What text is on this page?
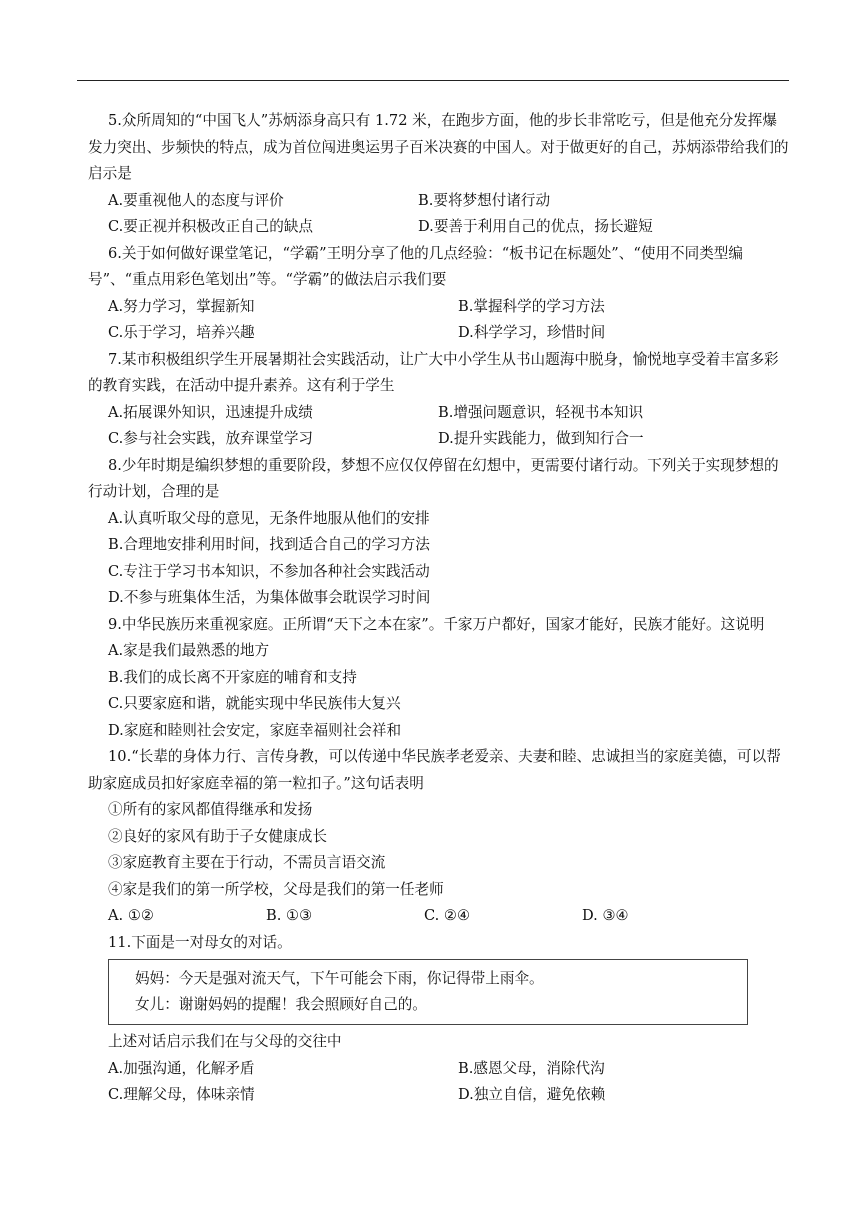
5.众所周知的“中国飞人”苏炳添身高只有 1.72 米，在跑步方面，他的步长非常吃亏，但是他充分发挥爆发力突出、步频快的特点，成为首位闯进奥运男子百米决赛的中国人。对于做更好的自己，苏炳添带给我们的启示是

A.要重视他人的态度与评价	B.要将梦想付诸行动
C.要正视并积极改正自己的缺点	D.要善于利用自己的优点，扬长避短

6.关于如何做好课堂笔记，“学霸”王明分享了他的几点经验：“板书记在标题处”、“使用不同类型编号”、“重点用彩色笔划出”等。“学霸”的做法启示我们要

A.努力学习，掌握新知	B.掌握科学的学习方法
C.乐于学习，培养兴趣	D.科学学习，珍惜时间

7.某市积极组织学生开展暑期社会实践活动，让广大中小学生从书山题海中脱身，愉悦地享受着丰富多彩的教育实践，在活动中提升素养。这有利于学生

A.拓展课外知识，迅速提升成绩	B.增强问题意识，轻视书本知识
C.参与社会实践，放弃课堂学习	D.提升实践能力，做到知行合一

8.少年时期是编织梦想的重要阶段，梦想不应仅仅停留在幻想中，更需要付诸行动。下列关于实现梦想的行动计划，合理的是

A.认真听取父母的意见，无条件地服从他们的安排

B.合理地安排利用时间，找到适合自己的学习方法

C.专注于学习书本知识，不参加各种社会实践活动

D.不参与班集体生活，为集体做事会耽误学习时间

9.中华民族历来重视家庭。正所谓“天下之本在家”。千家万户都好，国家才能好，民族才能好。这说明

A.家是我们最熟悉的地方

B.我们的成长离不开家庭的哺育和支持

C.只要家庭和谐，就能实现中华民族伟大复兴

D.家庭和睦则社会安定，家庭幸福则社会祥和

10.“长辈的身体力行、言传身教，可以传递中华民族孝老爱亲、夫妻和睦、忠诚担当的家庭美德，可以帮助家庭成员扣好家庭幸福的第一粒扣子。”这句话表明

①所有的家风都值得继承和发扬

②良好的家风有助于子女健康成长

③家庭教育主要在于行动，不需员言语交流

④家是我们的第一所学校，父母是我们的第一任老师

A. ①②	B. ①③	C. ②④	D. ③④

11.下面是一对母女的对话。

妈妈：今天是强对流天气，下午可能会下雨，你记得带上雨伞。
女儿：谢谢妈妈的提醒！我会照顾好自己的。

上述对话启示我们在与父母的交往中

A.加强沟通，化解矛盾	B.感恩父母，消除代沟
C.理解父母，体味亲情	D.独立自信，避免依赖
